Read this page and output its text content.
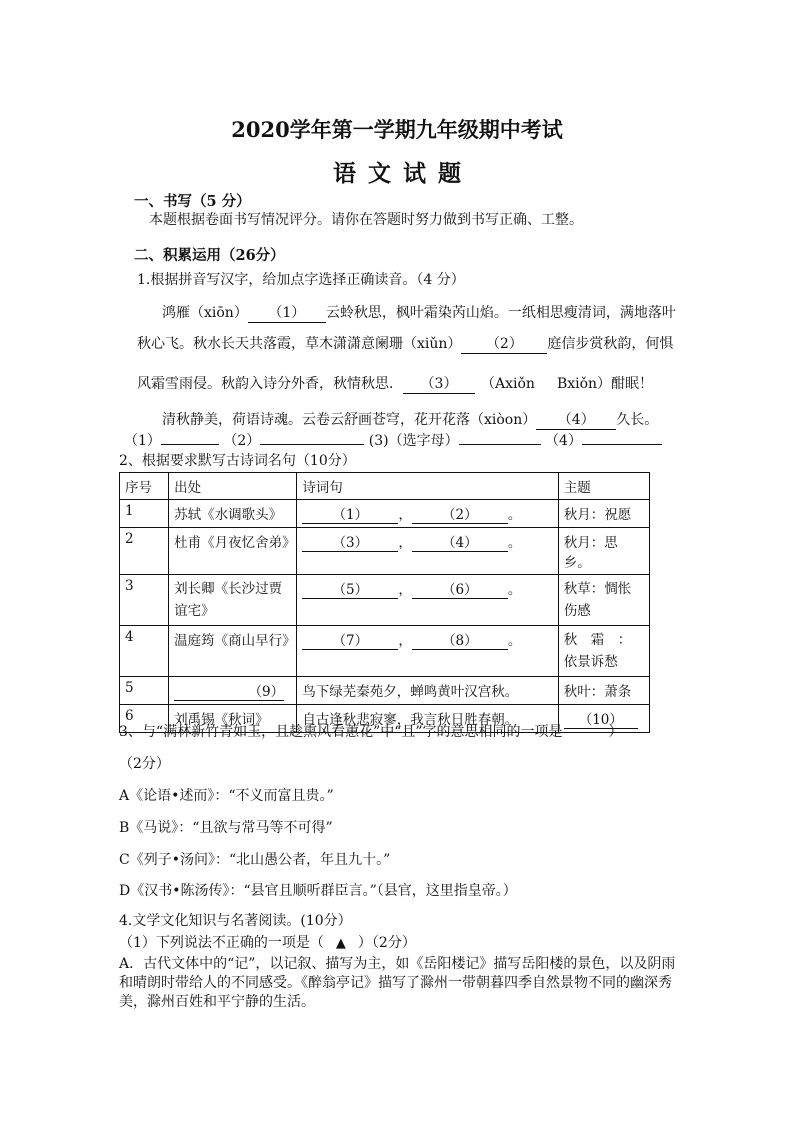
2020学年第一学期九年级期中考试
语文试题
一、书写（5 分）
本题根据卷面书写情况评分。请你在答题时努力做到书写正确、工整。
二、积累运用（26分）
1.根据拼音写汉字，给加点字选择正确读音。（4 分）
鸿雁（xiōn） （1） 云蛉秋思，枫叶霜染芮山焰。一纸相思瘦清词，满地落叶
秋心飞。秋水长天共落霞，草木潇潇意阑珊（xiǔn） （2） 庭信步赏秋韵，何惧
风霜雪雨侵。秋韵入诗分外香，秋情秋思． （3） （Axiǒn Bxiǒn）酣眠！
清秋静美，荷语诗魂。云卷云舒画苍穹，花开花落（xiòon） （4） 久长。
（1）	（2）	(3)（选字母）	（4）
2、根据要求默写古诗词名句（10分）
序号	出处	诗词句	主题
1	苏轼《水调歌头》	（1） ， （2） 。	秋月：祝愿
2	杜甫《月夜忆舍弟》	（3） ， （4） 。	秋月：思乡。
3	刘长卿《长沙过贾谊宅》	（5） ， （6） 。	秋草：惆怅伤感
4	温庭筠《商山早行》	（7） ， （8） 。	秋　霜　：依景诉愁
5	（9）	鸟下绿芜秦苑夕，蝉鸣黄叶汉宫秋。	秋叶：萧条
6	刘禹锡《秋词》	自古逢秋悲寂寥，我言秋日胜春朝。	（10）
3、与“满林新竹青如玉，且趁熏风看蕙花”中“且”字的意思相同的一项是	）
（2分）
A《论语•述而》：“不义而富且贵。”
B《马说》：“且欲与常马等不可得”
C《列子•汤问》：“北山愚公者，年且九十。”
D《汉书•陈汤传》：“县官且顺听群臣言。”（县官，这里指皇帝。）
4.文学文化知识与名著阅读。(10分）
（1）下列说法不正确的一项是（ ▲ ）（2分）
A．古代文体中的“记”，以记叙、描写为主，如《岳阳楼记》描写岳阳楼的景色，以及阴雨和晴朗时带给人的不同感受。《醉翁亭记》描写了滁州一带朝暮四季自然景物不同的幽深秀美，滁州百姓和平宁静的生活。
